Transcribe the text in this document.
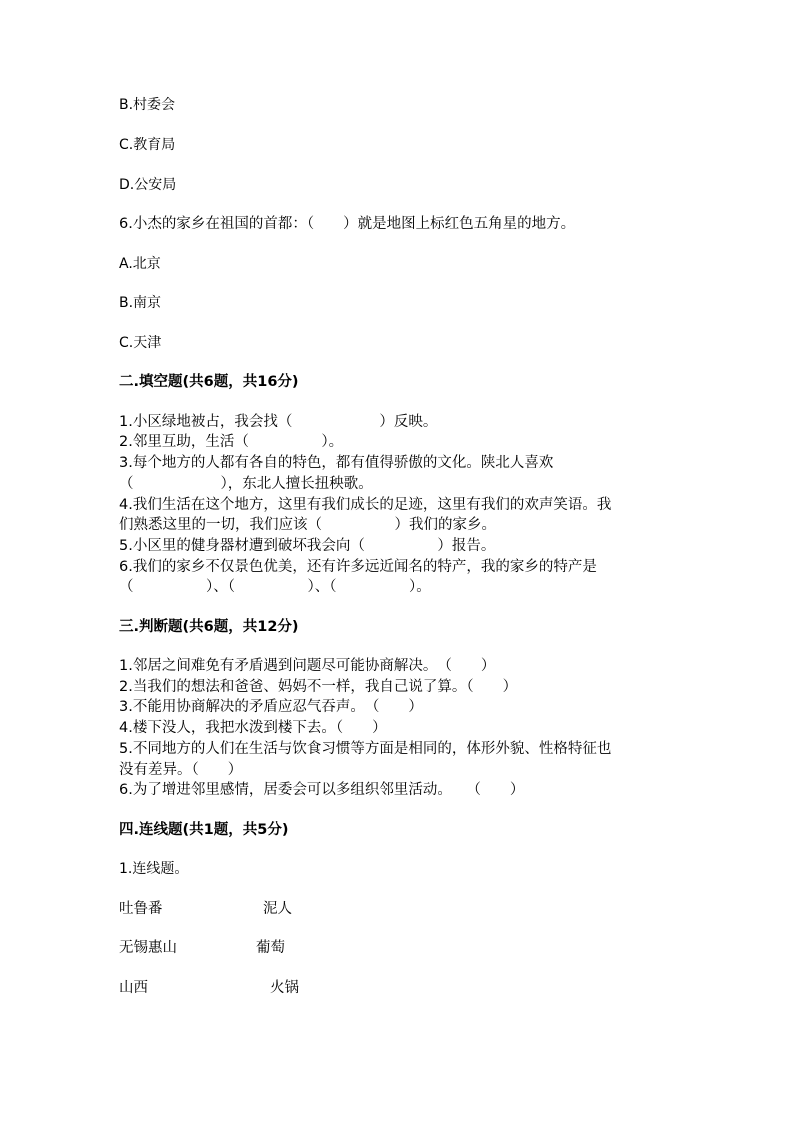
B.村委会
C.教育局
D.公安局
6.小杰的家乡在祖国的首都：（　　）就是地图上标红色五角星的地方。
A.北京
B.南京
C.天津
二.填空题(共6题，共16分)
1.小区绿地被占，我会找（　　　　　　）反映。
2.邻里互助，生活（　　　　　）。
3.每个地方的人都有各自的特色，都有值得骄傲的文化。陕北人喜欢
（　　　　　　），东北人擅长扭秧歌。
4.我们生活在这个地方，这里有我们成长的足迹，这里有我们的欢声笑语。我
们熟悉这里的一切，我们应该（　　　　　）我们的家乡。
5.小区里的健身器材遭到破坏我会向（　　　　　）报告。
6.我们的家乡不仅景色优美，还有许多远近闻名的特产，我的家乡的特产是
（　　　　　）、（　　　　　）、（　　　　　）。
三.判断题(共6题，共12分)
1.邻居之间难免有矛盾遇到问题尽可能协商解决。　（　　）
2.当我们的想法和爸爸、妈妈不一样，我自己说了算。（　　）
3.不能用协商解决的矛盾应忍气吞声。　（　　）
4.楼下没人，我把水泼到楼下去。（　　）
5.不同地方的人们在生活与饮食习惯等方面是相同的，体形外貌、性格特征也
没有差异。（　　）
6.为了增进邻里感情，居委会可以多组织邻里活动。　　（　　）
四.连线题(共1题，共5分)
1.连线题。
吐鲁番	泥人
无锡惠山	葡萄
山西	火锅
